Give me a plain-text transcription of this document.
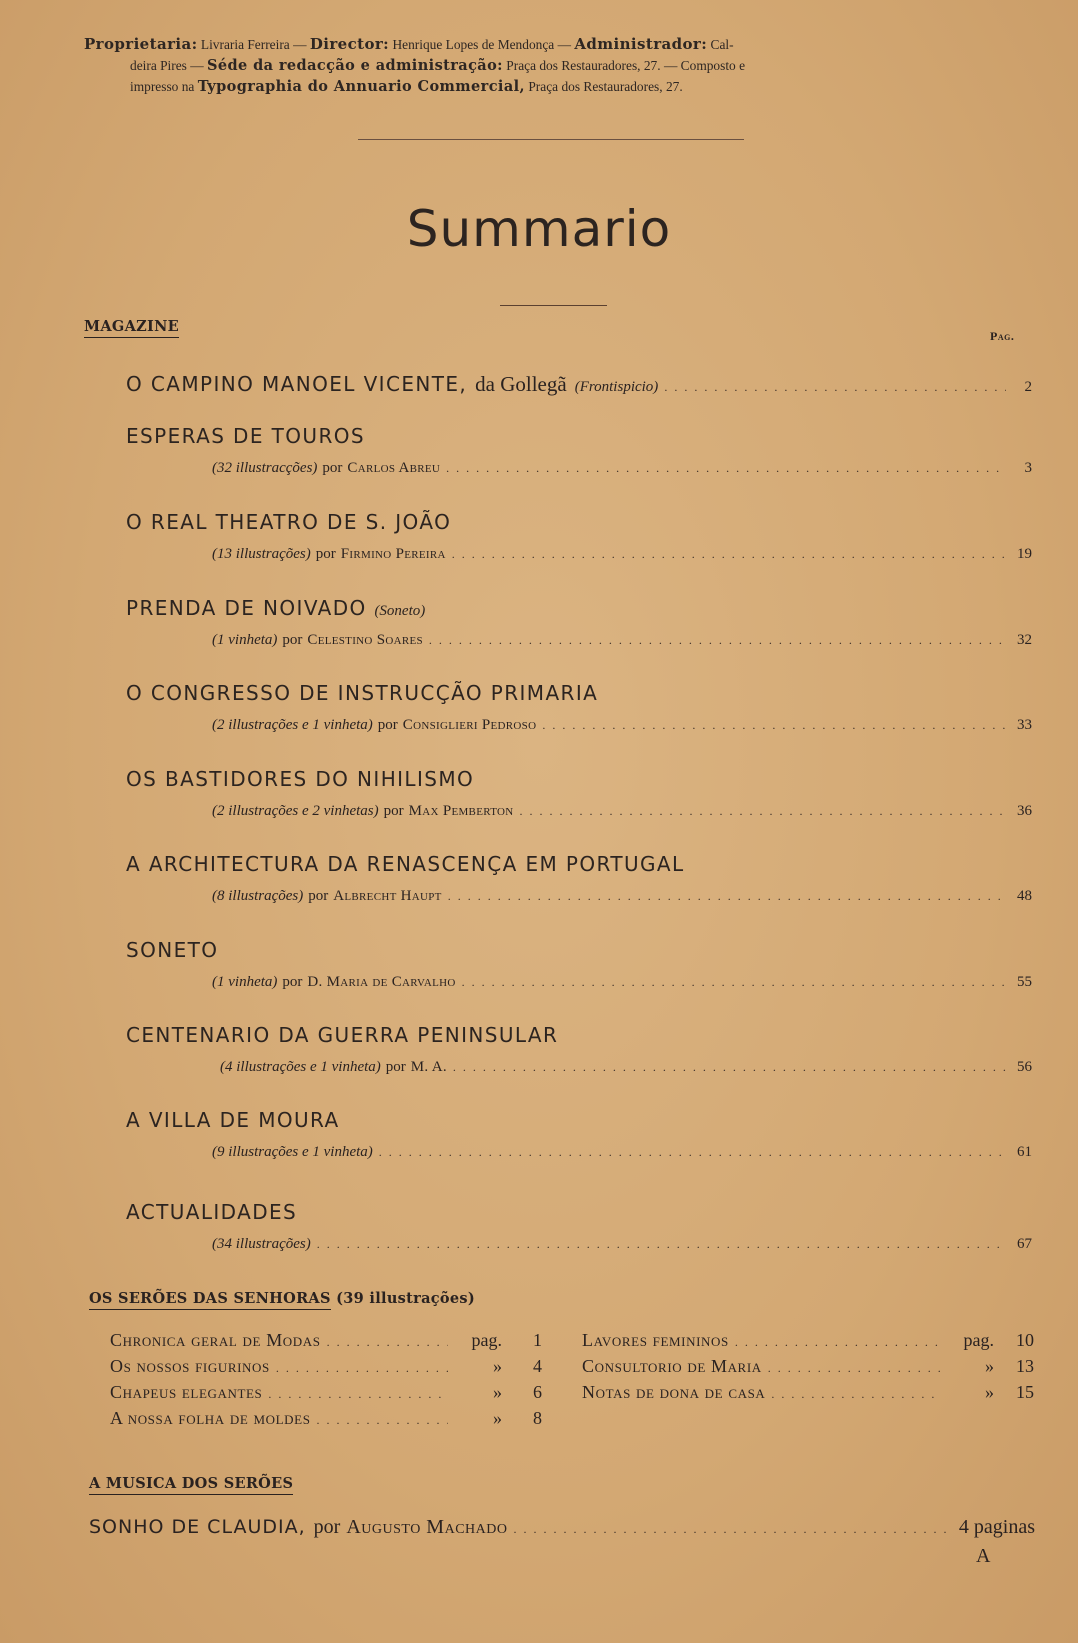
Proprietaria: Livraria Ferreira — Director: Henrique Lopes de Mendonça — Administrador: Cal-
deira Pires — Séde da redacção e administração: Praça dos Restauradores, 27. — Composto e
impresso na Typographia do Annuario Commercial, Praça dos Restauradores, 27.
Summario
MAGAZINE
Pag.
O CAMPINO MANOEL VICENTE, da Gollegã (Frontispicio) . . .	2
ESPERAS DE TOUROS
(32 illustracções) por Carlos Abreu . . .	3
O REAL THEATRO DE S. JOÃO
(13 illustrações) por Firmino Pereira . . .	19
PRENDA DE NOIVADO (Soneto)
(1 vinheta) por Celestino Soares . . .	32
O CONGRESSO DE INSTRUCÇÃO PRIMARIA
(2 illustrações e 1 vinheta) por Consiglieri Pedroso . . .	33
OS BASTIDORES DO NIHILISMO
(2 illustrações e 2 vinhetas) por Max Pemberton . . .	36
A ARCHITECTURA DA RENASCENÇA EM PORTUGAL
(8 illustrações) por Albrecht Haupt . . .	48
SONETO
(1 vinheta) por D. Maria de Carvalho . . .	55
CENTENARIO DA GUERRA PENINSULAR
(4 illustrações e 1 vinheta) por M. A. . . .	56
A VILLA DE MOURA
(9 illustrações e 1 vinheta) . . .	61
ACTUALIDADES
(34 illustrações) . . .	67
OS SERÕES DAS SENHORAS (39 illustrações)
Chronica geral de Modas . . .	pag.	1
Os nossos figurinos . . .	»	4
Chapeus elegantes . . .	»	6
A nossa folha de moldes . . .	»	8
Lavores femininos . . .	pag.	10
Consultorio de Maria . . .	»	13
Notas de dona de casa . . .	»	15
A MUSICA DOS SERÕES
SONHO DE CLAUDIA, por Augusto Machado . . .	4 paginas
A
